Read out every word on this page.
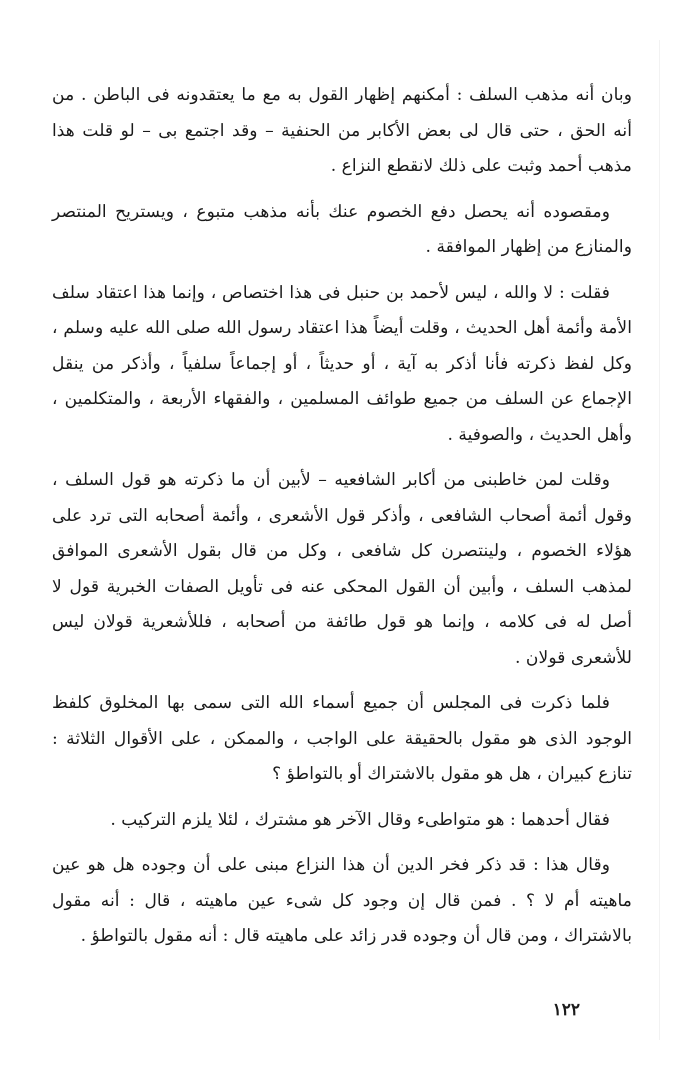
وبان أنه مذهب السلف : أمكنهم إظهار القول به مع ما يعتقدونه فى الباطن . من أنه الحق ، حتى قال لى بعض الأكابر من الحنفية – وقد اجتمع بى – لو قلت هذا مذهب أحمد وثبت على ذلك لانقطع النزاع .

ومقصوده أنه يحصل دفع الخصوم عنك بأنه مذهب متبوع ، ويستريح المنتصر والمنازع من إظهار الموافقة .

فقلت : لا والله ، ليس لأحمد بن حنبل فى هذا اختصاص ، وإنما هذا اعتقاد سلف الأمة وأئمة أهل الحديث ، وقلت أيضاً هذا اعتقاد رسول الله صلى الله عليه وسلم ، وكل لفظ ذكرته فأنا أذكر به آية ، أو حديثاً ، أو إجماعاً سلفياً ، وأذكر من ينقل الإجماع عن السلف من جميع طوائف المسلمين ، والفقهاء الأربعة ، والمتكلمين ، وأهل الحديث ، والصوفية .

وقلت لمن خاطبنى من أكابر الشافعيه – لأبين أن ما ذكرته هو قول السلف ، وقول أئمة أصحاب الشافعى ، وأذكر قول الأشعرى ، وأئمة أصحابه التى ترد على هؤلاء الخصوم ، ولينتصرن كل شافعى ، وكل من قال بقول الأشعرى الموافق لمذهب السلف ، وأبين أن القول المحكى عنه فى تأويل الصفات الخبرية قول لا أصل له فى كلامه ، وإنما هو قول طائفة من أصحابه ، فللأشعرية قولان ليس للأشعرى قولان .

فلما ذكرت فى المجلس أن جميع أسماء الله التى سمى بها المخلوق كلفظ الوجود الذى هو مقول بالحقيقة على الواجب ، والممكن ، على الأقوال الثلاثة : تنازع كبيران ، هل هو مقول بالاشتراك أو بالتواطؤ ؟

فقال أحدهما : هو متواطىء وقال الآخر هو مشترك ، لئلا يلزم التركيب .

وقال هذا : قد ذكر فخر الدين أن هذا النزاع مبنى على أن وجوده هل هو عين ماهيته أم لا ؟ . فمن قال إن وجود كل شىء عين ماهيته ، قال : أنه مقول بالاشتراك ، ومن قال أن وجوده قدر زائد على ماهيته قال : أنه مقول بالتواطؤ .

١٢٢
